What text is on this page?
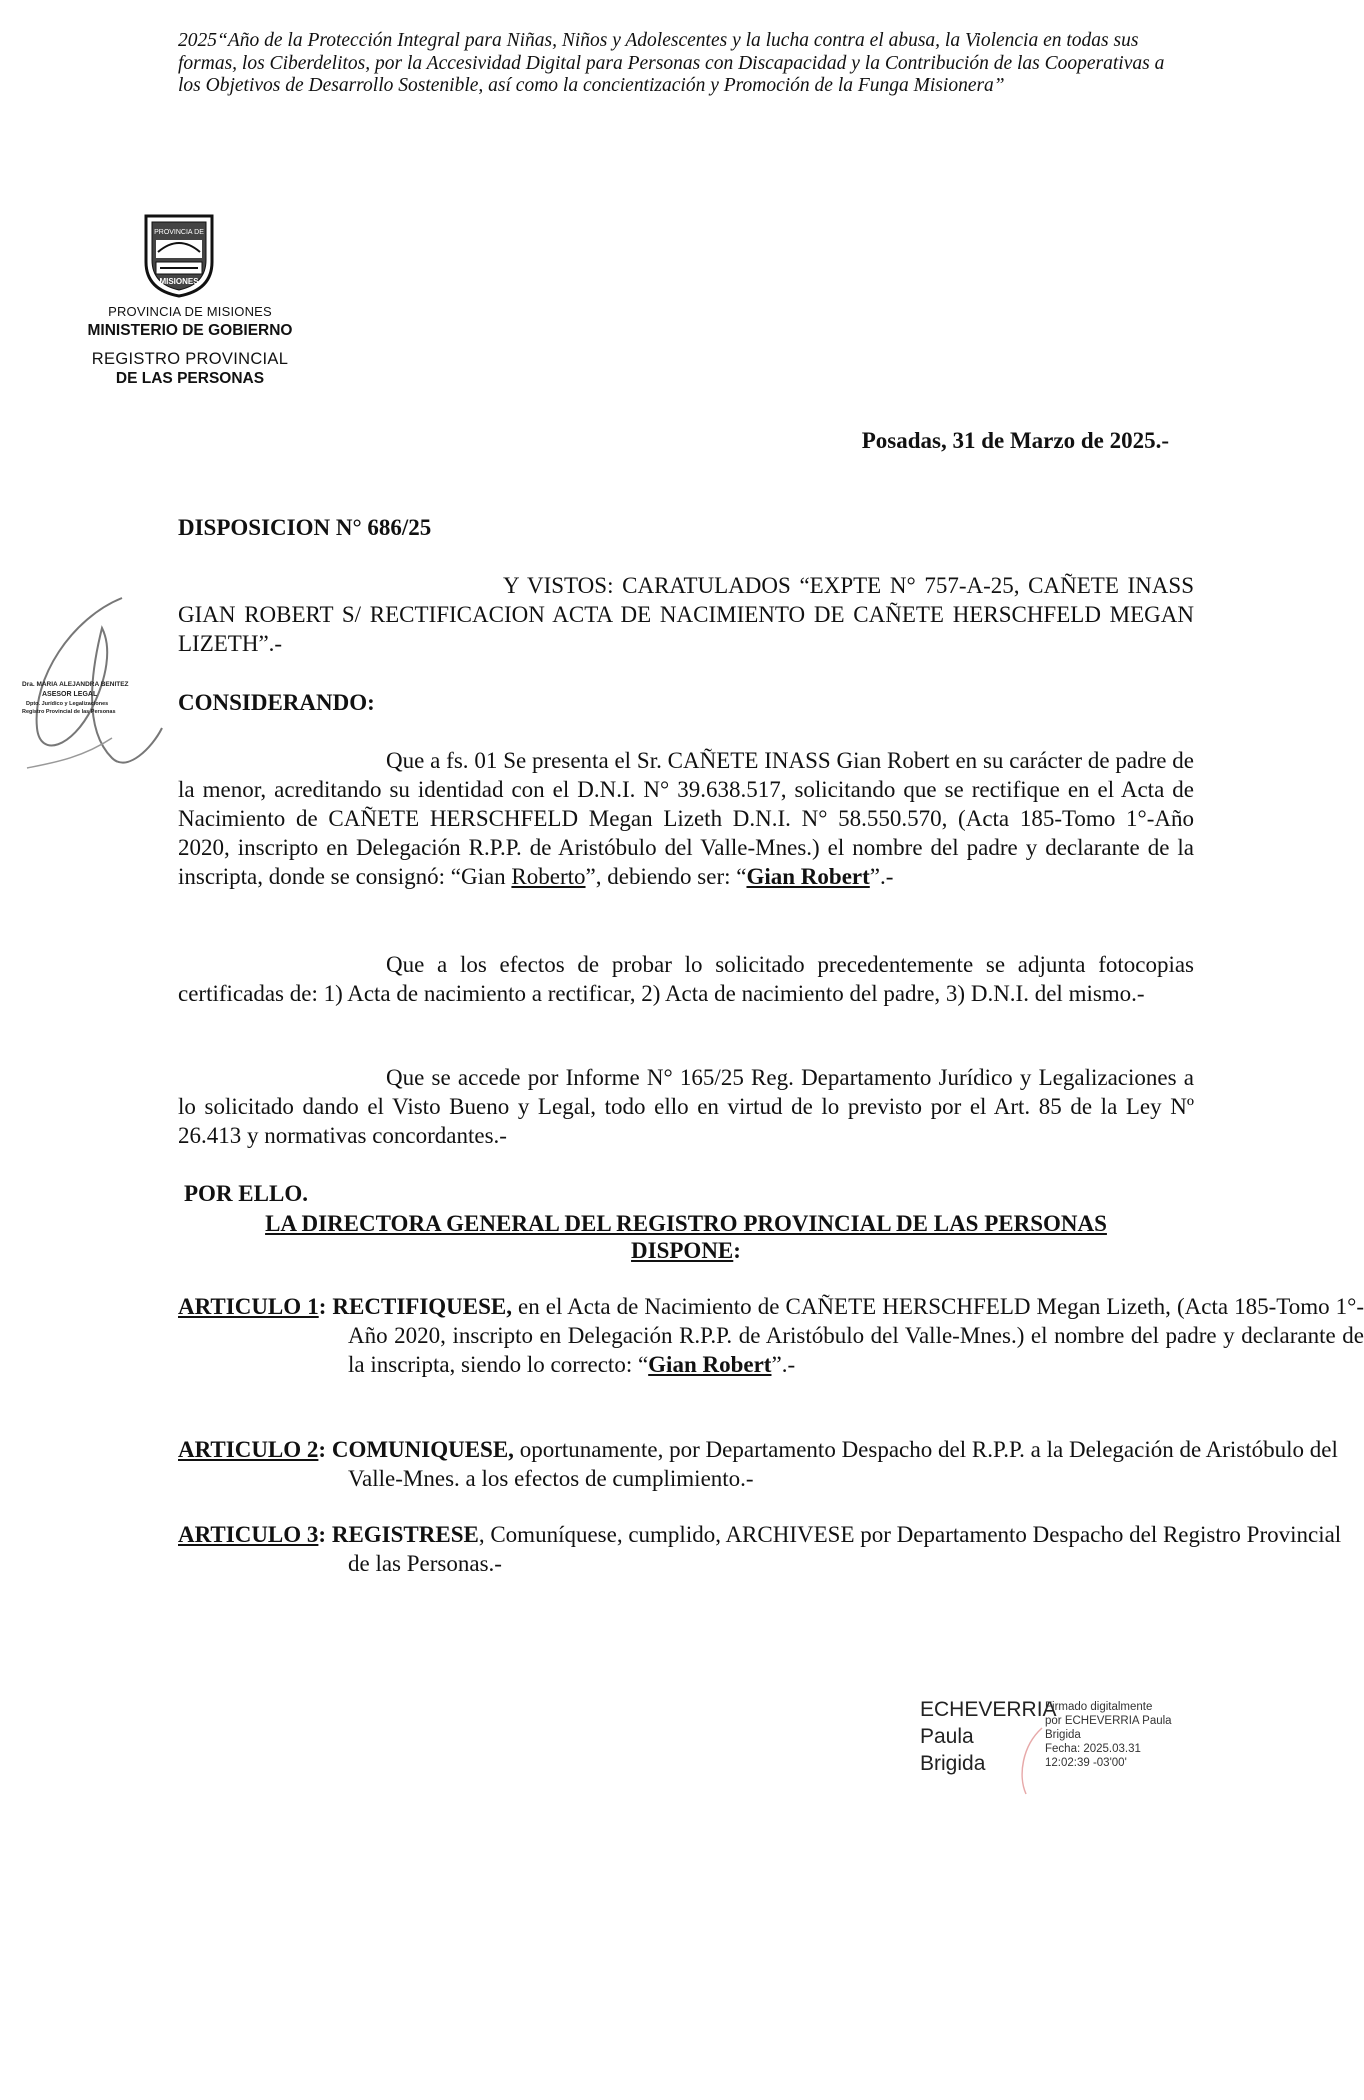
2025“Año de la Protección Integral para Niñas, Niños y Adolescentes y la lucha contra el abusa, la Violencia en todas sus formas, los Ciberdelitos, por la Accesividad Digital para Personas con Discapacidad y la Contribución de las Cooperativas a los Objetivos de Desarrollo Sostenible, así como la concientización y Promoción de la Funga Misionera”
PROVINCIA DE
MISIONES
PROVINCIA DE MISIONES
MINISTERIO DE GOBIERNO
REGISTRO PROVINCIAL
DE LAS PERSONAS
Posadas, 31 de Marzo de 2025.-
DISPOSICION N° 686/25
Y VISTOS: CARATULADOS “EXPTE N° 757-A-25, CAÑETE INASS GIAN ROBERT S/ RECTIFICACION ACTA DE NACIMIENTO DE CAÑETE HERSCHFELD MEGAN LIZETH”.-
Dra. MARIA ALEJANDRA BENITEZ
ASESOR LEGAL
Dpto. Jurídico y Legalizaciones
Registro Provincial de las Personas	CONSIDERANDO:
Que a fs. 01 Se presenta el Sr. CAÑETE INASS Gian Robert en su carácter de padre de la menor, acreditando su identidad con el D.N.I. N° 39.638.517, solicitando que se rectifique en el Acta de Nacimiento de CAÑETE HERSCHFELD Megan Lizeth D.N.I. N° 58.550.570, (Acta 185-Tomo 1°-Año 2020, inscripto en Delegación R.P.P. de Aristóbulo del Valle-Mnes.) el nombre del padre y declarante de la inscripta, donde se consignó: “Gian Roberto”, debiendo ser: “Gian Robert”.-
Que a los efectos de probar lo solicitado precedentemente se adjunta fotocopias certificadas de: 1) Acta de nacimiento a rectificar, 2) Acta de nacimiento del padre, 3) D.N.I. del mismo.-
Que se accede por Informe N° 165/25 Reg. Departamento Jurídico y Legalizaciones a lo solicitado dando el Visto Bueno y Legal, todo ello en virtud de lo previsto por el Art. 85 de la Ley Nº 26.413 y normativas concordantes.-
POR ELLO.
LA DIRECTORA GENERAL DEL REGISTRO PROVINCIAL DE LAS PERSONAS
DISPONE:
ARTICULO 1: RECTIFIQUESE, en el Acta de Nacimiento de CAÑETE HERSCHFELD Megan Lizeth, (Acta 185-Tomo 1°-Año 2020, inscripto en Delegación R.P.P. de Aristóbulo del Valle-Mnes.) el nombre del padre y declarante de la inscripta, siendo lo correcto: “Gian Robert”.-
ARTICULO 2: COMUNIQUESE, oportunamente, por Departamento Despacho del R.P.P. a la Delegación de Aristóbulo del Valle-Mnes. a los efectos de cumplimiento.-
ARTICULO 3: REGISTRESE, Comuníquese, cumplido, ARCHIVESE por Departamento Despacho del Registro Provincial de las Personas.-
ECHEVERRIA
Paula
Brigida
Firmado digitalmente
por ECHEVERRIA Paula
Brigida
Fecha: 2025.03.31
12:02:39 -03'00'
